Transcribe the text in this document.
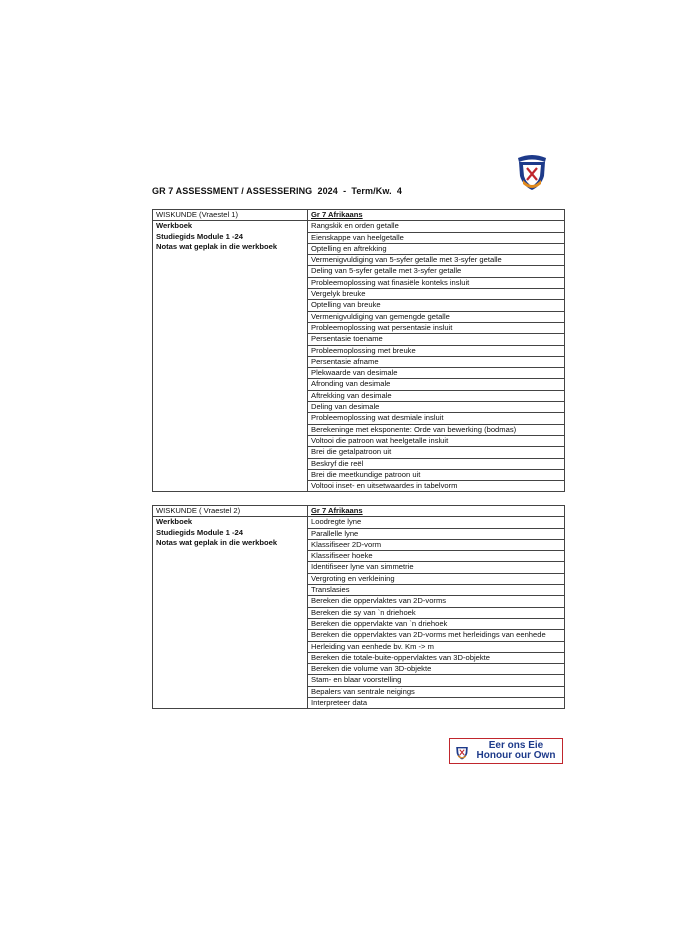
GR 7 ASSESSMENT / ASSESSERING  2024  -  Term/Kw.  4
WISKUNDE (Vraestel 1)	Gr 7 Afrikaans

Werkboek
Studiegids Module 1 -24
Notas wat geplak in die werkboek	Rangskik en orden getalle
	Eienskappe van heelgetalle
	Optelling en aftrekking
	Vermenigvuldiging van 5-syfer getalle met 3-syfer getalle
	Deling van 5-syfer getalle met 3-syfer getalle
	Probleemoplossing wat finasiële konteks insluit
	Vergelyk breuke
	Optelling van breuke
	Vermenigvuldiging van gemengde getalle
	Probleemoplossing wat persentasie insluit
	Persentasie toename
	Probleemoplossing met breuke
	Persentasie afname
	Plekwaarde van desimale
	Afronding van desimale
	Aftrekking van desimale
	Deling van desimale
	Probleemoplossing wat desmiale insluit
	Berekeninge met eksponente: Orde van bewerking (bodmas)
	Voltooi die patroon wat heelgetalle insluit
	Brei die getalpatroon uit
	Beskryf die reël
	Brei die meetkundige patroon uit
	Voltooi inset- en uitsetwaardes in tabelvorm
WISKUNDE ( Vraestel 2)	Gr 7 Afrikaans

Werkboek
Studiegids Module 1 -24
Notas wat geplak in die werkboek	Loodregte lyne
	Parallelle lyne
	Klassifiseer 2D-vorm
	Klassifiseer hoeke
	Identifiseer lyne van simmetrie
	Vergroting en verkleining
	Translasies
	Bereken die oppervlaktes van 2D-vorms
	Bereken die sy van `n driehoek
	Bereken die oppervlakte van `n driehoek
	Bereken die oppervlaktes van 2D-vorms met herleidings van eenhede
	Herleiding van eenhede bv. Km -> m
	Bereken die totale-buite-oppervlaktes van 3D-objekte
	Bereken die volume van 3D-objekte
	Stam- en blaar voorstelling
	Bepalers van sentrale neigings
	Interpreteer data
Eer ons Eie
Honour our Own
